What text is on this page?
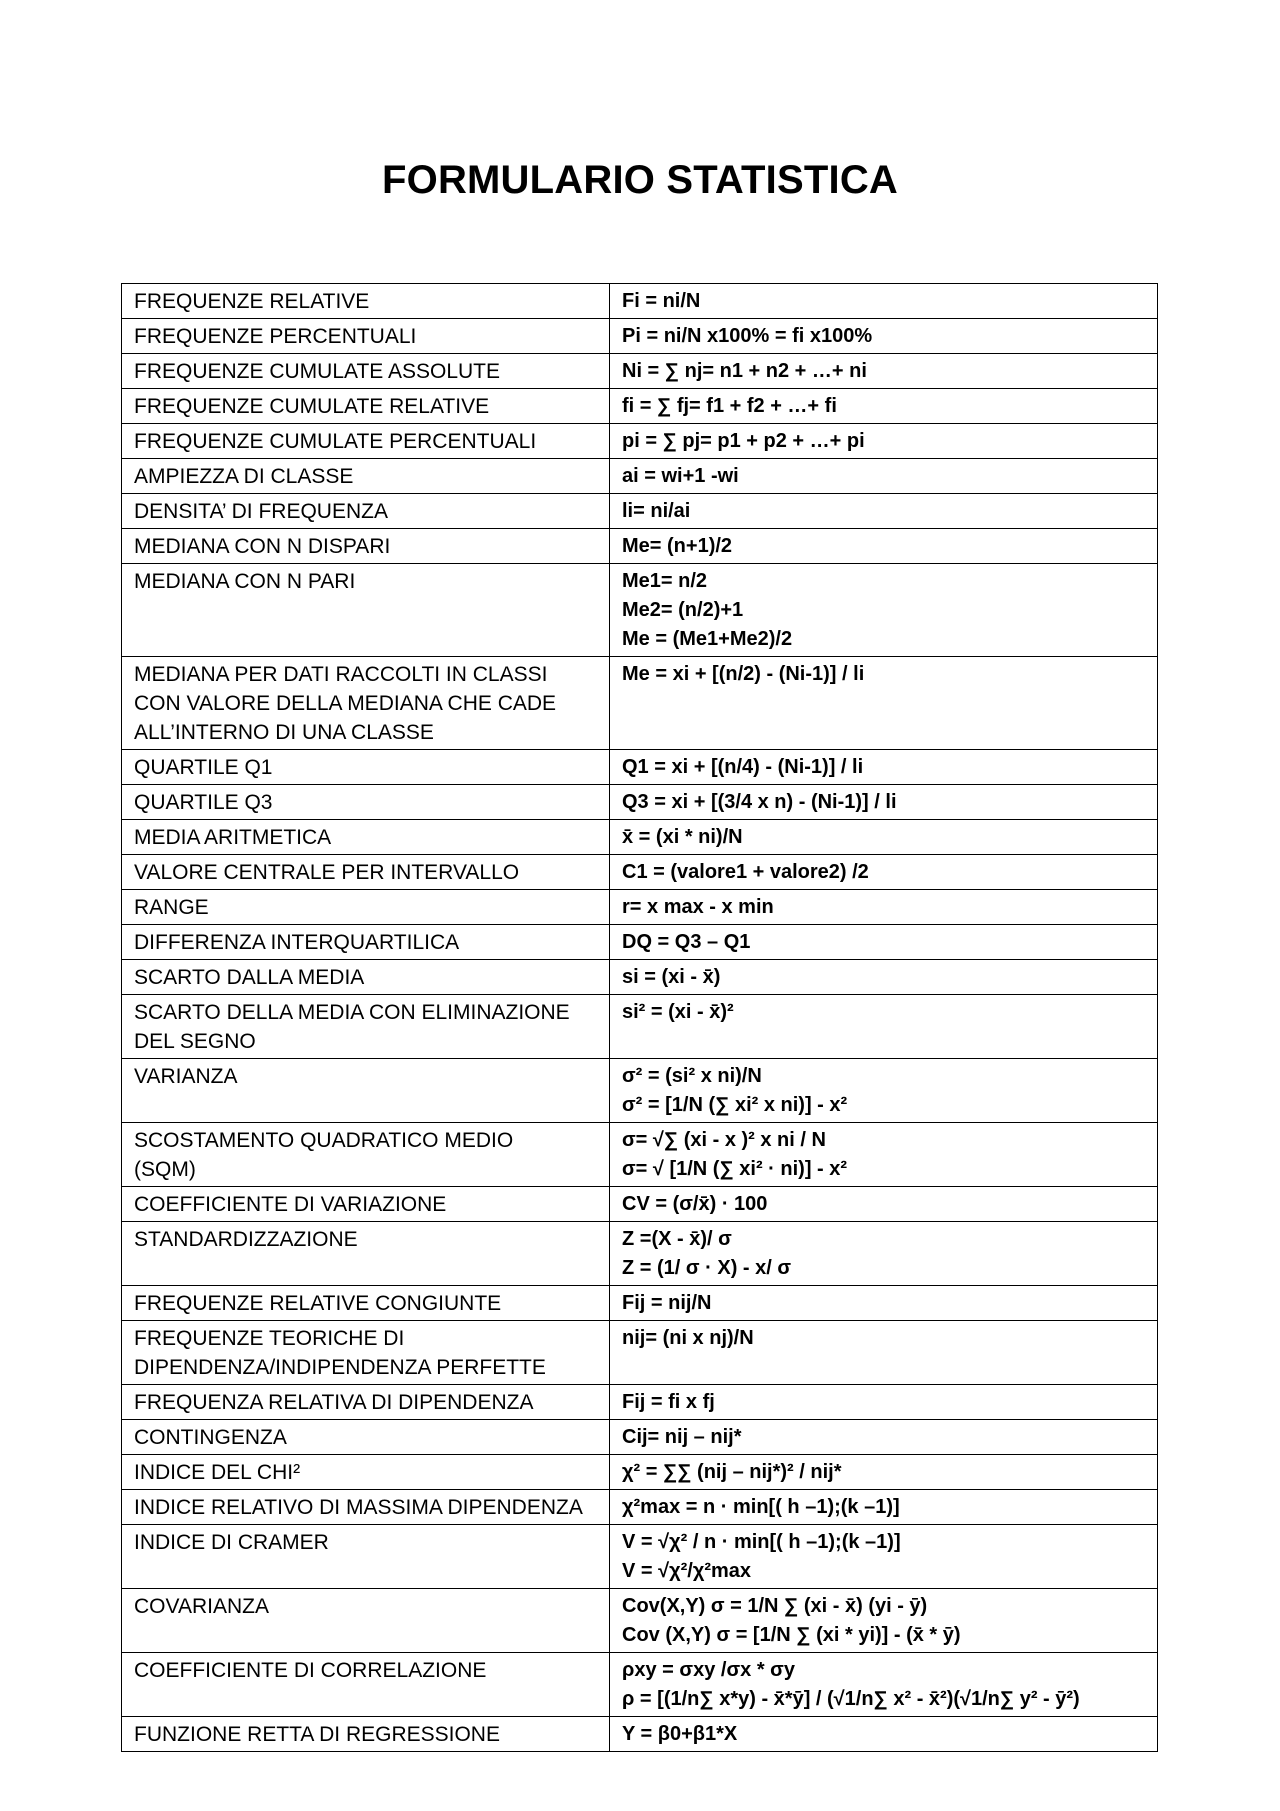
FORMULARIO STATISTICA
FREQUENZE RELATIVE	Fi = ni/N
FREQUENZE PERCENTUALI	Pi = ni/N x100% = fi x100%
FREQUENZE CUMULATE ASSOLUTE	Ni = ∑ nj= n1 + n2 + …+ ni
FREQUENZE CUMULATE RELATIVE	fi = ∑ fj= f1 + f2 + …+ fi
FREQUENZE CUMULATE PERCENTUALI	pi = ∑ pj= p1 + p2 + …+ pi
AMPIEZZA DI CLASSE	ai = wi+1 -wi
DENSITA’ DI FREQUENZA	li= ni/ai
MEDIANA CON N DISPARI	Me= (n+1)/2
MEDIANA CON N PARI	Me1= n/2
Me2= (n/2)+1
Me = (Me1+Me2)/2
MEDIANA PER DATI RACCOLTI IN CLASSI
CON VALORE DELLA MEDIANA CHE CADE
ALL’INTERNO DI UNA CLASSE	Me = xi + [(n/2) - (Ni-1)] / li
QUARTILE Q1	Q1 = xi + [(n/4) - (Ni-1)] / li
QUARTILE Q3	Q3 = xi + [(3/4 x n) - (Ni-1)] / li
MEDIA ARITMETICA	x̄ = (xi * ni)/N
VALORE CENTRALE PER INTERVALLO	C1 = (valore1 + valore2) /2
RANGE	r= x max - x min
DIFFERENZA INTERQUARTILICA	DQ = Q3 – Q1
SCARTO DALLA MEDIA	si = (xi - x̄)
SCARTO DELLA MEDIA CON ELIMINAZIONE
DEL SEGNO	si² = (xi - x̄)²
VARIANZA	σ² = (si² x ni)/N
σ² = [1/N (∑ xi² x ni)] - x²
SCOSTAMENTO QUADRATICO MEDIO
(SQM)	σ= √∑ (xi - x )² x ni / N
σ= √ [1/N (∑ xi² · ni)] - x²
COEFFICIENTE DI VARIAZIONE	CV = (σ/x̄) · 100
STANDARDIZZAZIONE	Z =(X - x̄)/ σ
Z = (1/ σ · X) - x/ σ
FREQUENZE RELATIVE CONGIUNTE	Fij = nij/N
FREQUENZE TEORICHE DI
DIPENDENZA/INDIPENDENZA PERFETTE	nij= (ni x nj)/N
FREQUENZA RELATIVA DI DIPENDENZA	Fij = fi x fj
CONTINGENZA	Cij= nij – nij*
INDICE DEL CHI²	χ² = ∑∑ (nij – nij*)² / nij*
INDICE RELATIVO DI MASSIMA DIPENDENZA	χ²max = n · min[( h –1);(k –1)]
INDICE DI CRAMER	V = √χ² / n · min[( h –1);(k –1)]
V = √χ²/χ²max
COVARIANZA	Cov(X,Y) σ = 1/N ∑ (xi - x̄) (yi - ȳ)
Cov (X,Y) σ = [1/N ∑ (xi * yi)] - (x̄ * ȳ)
COEFFICIENTE DI CORRELAZIONE	ρxy = σxy /σx * σy
ρ = [(1/n∑ x*y) - x̄*ȳ] / (√1/n∑ x² - x̄²)(√1/n∑ y² - ȳ²)
FUNZIONE RETTA DI REGRESSIONE	Y = β0+β1*X
